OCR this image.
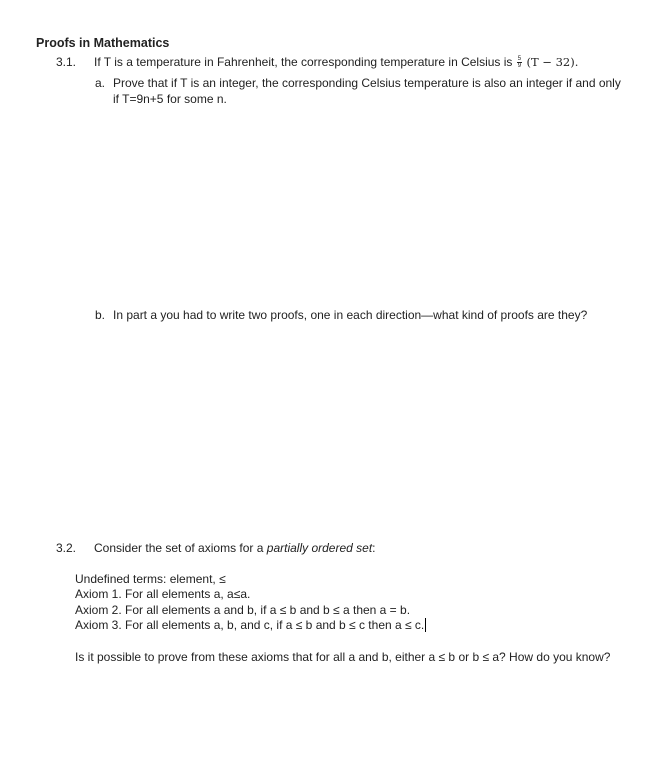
Proofs in Mathematics
3.1. If T is a temperature in Fahrenheit, the corresponding temperature in Celsius is $\frac{5}{9} (T - 32)$.
a. Prove that if T is an integer, the corresponding Celsius temperature is also an integer if and only
if T=9n+5 for some n.
b. In part a you had to write two proofs, one in each direction—what kind of proofs are they?
3.2. Consider the set of axioms for a partially ordered set:
Undefined terms: element, ≤
Axiom 1. For all elements a, a≤a.
Axiom 2. For all elements a and b, if a ≤ b and b ≤ a then a = b.
Axiom 3. For all elements a, b, and c, if a ≤ b and b ≤ c then a ≤ c.
Is it possible to prove from these axioms that for all a and b, either a ≤ b or b ≤ a? How do you know?
